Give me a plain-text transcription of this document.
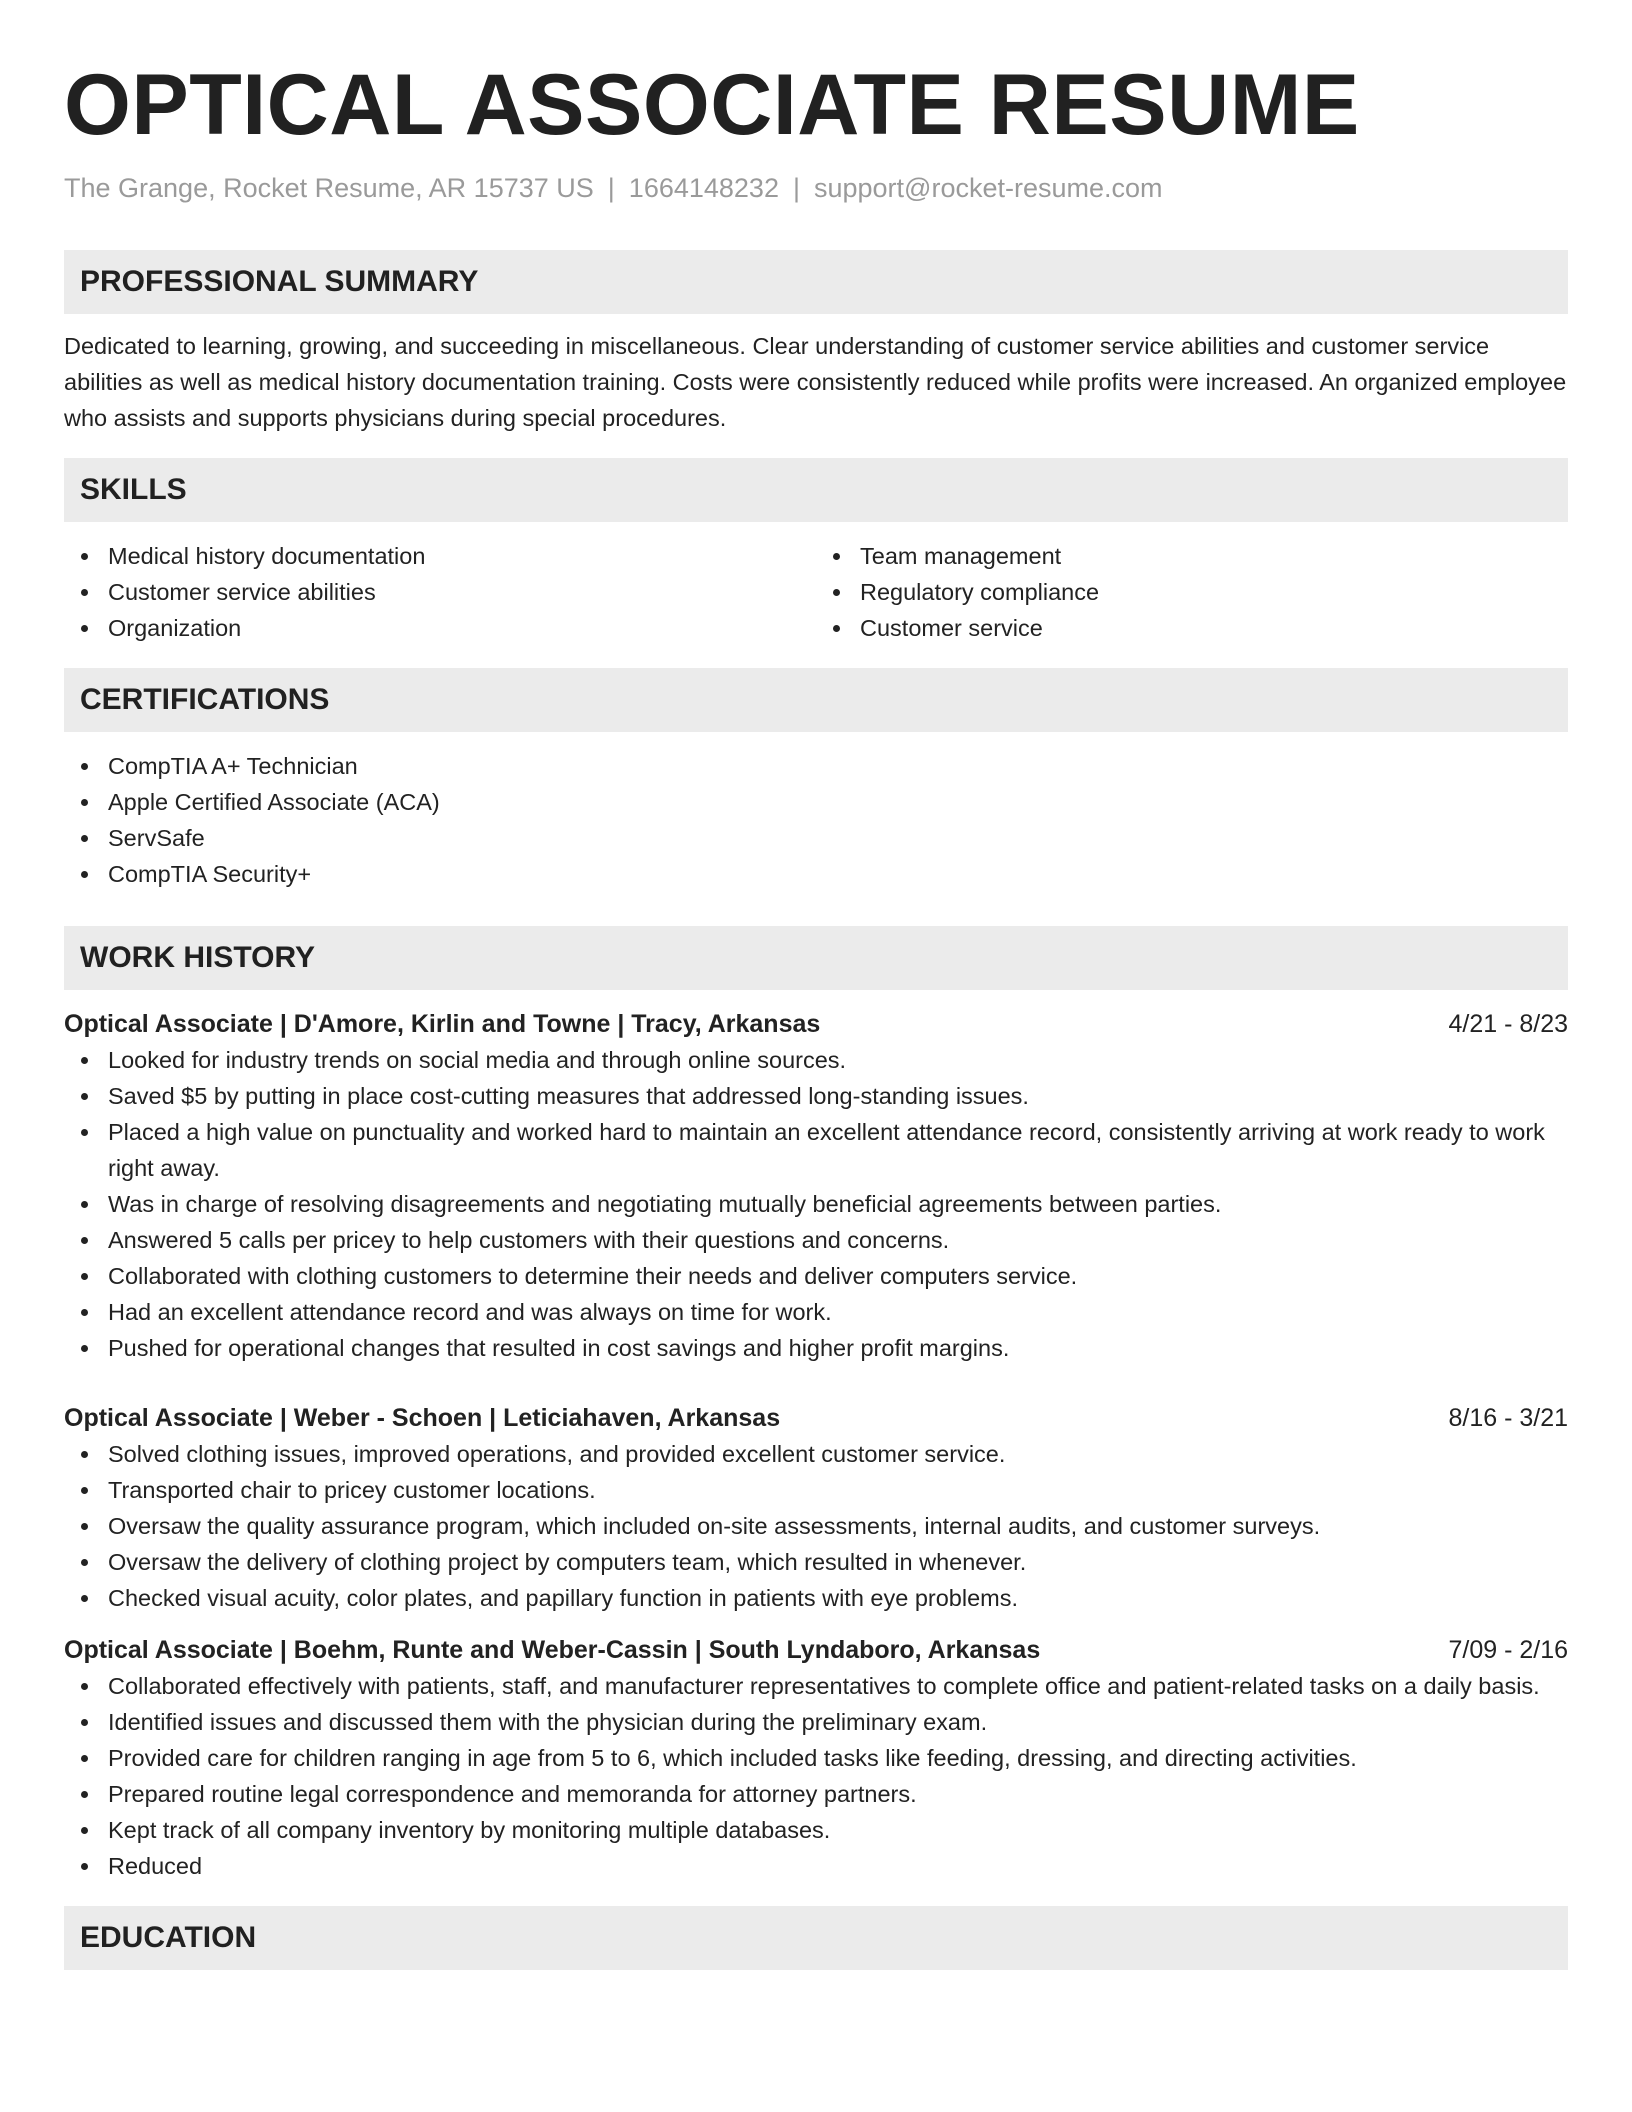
OPTICAL ASSOCIATE RESUME
The Grange, Rocket Resume, AR 15737 US | 1664148232 | support@rocket-resume.com
PROFESSIONAL SUMMARY

Dedicated to learning, growing, and succeeding in miscellaneous. Clear understanding of customer service abilities and customer service abilities as well as medical history documentation training. Costs were consistently reduced while profits were increased. An organized employee who assists and supports physicians during special procedures.

SKILLS
Medical history documentation
Customer service abilities
Organization
Team management
Regulatory compliance
Customer service
CERTIFICATIONS
CompTIA A+ Technician
Apple Certified Associate (ACA)
ServSafe
CompTIA Security+
WORK HISTORY
Optical Associate | D'Amore, Kirlin and Towne | Tracy, Arkansas	4/21 - 8/23
Looked for industry trends on social media and through online sources.
Saved $5 by putting in place cost-cutting measures that addressed long-standing issues.
Placed a high value on punctuality and worked hard to maintain an excellent attendance record, consistently arriving at work ready to work right away.
Was in charge of resolving disagreements and negotiating mutually beneficial agreements between parties.
Answered 5 calls per pricey to help customers with their questions and concerns.
Collaborated with clothing customers to determine their needs and deliver computers service.
Had an excellent attendance record and was always on time for work.
Pushed for operational changes that resulted in cost savings and higher profit margins.
Optical Associate | Weber - Schoen | Leticiahaven, Arkansas	8/16 - 3/21
Solved clothing issues, improved operations, and provided excellent customer service.
Transported chair to pricey customer locations.
Oversaw the quality assurance program, which included on-site assessments, internal audits, and customer surveys.
Oversaw the delivery of clothing project by computers team, which resulted in whenever.
Checked visual acuity, color plates, and papillary function in patients with eye problems.
Optical Associate | Boehm, Runte and Weber-Cassin | South Lyndaboro, Arkansas	7/09 - 2/16
Collaborated effectively with patients, staff, and manufacturer representatives to complete office and patient-related tasks on a daily basis.
Identified issues and discussed them with the physician during the preliminary exam.
Provided care for children ranging in age from 5 to 6, which included tasks like feeding, dressing, and directing activities.
Prepared routine legal correspondence and memoranda for attorney partners.
Kept track of all company inventory by monitoring multiple databases.
Reduced
EDUCATION
